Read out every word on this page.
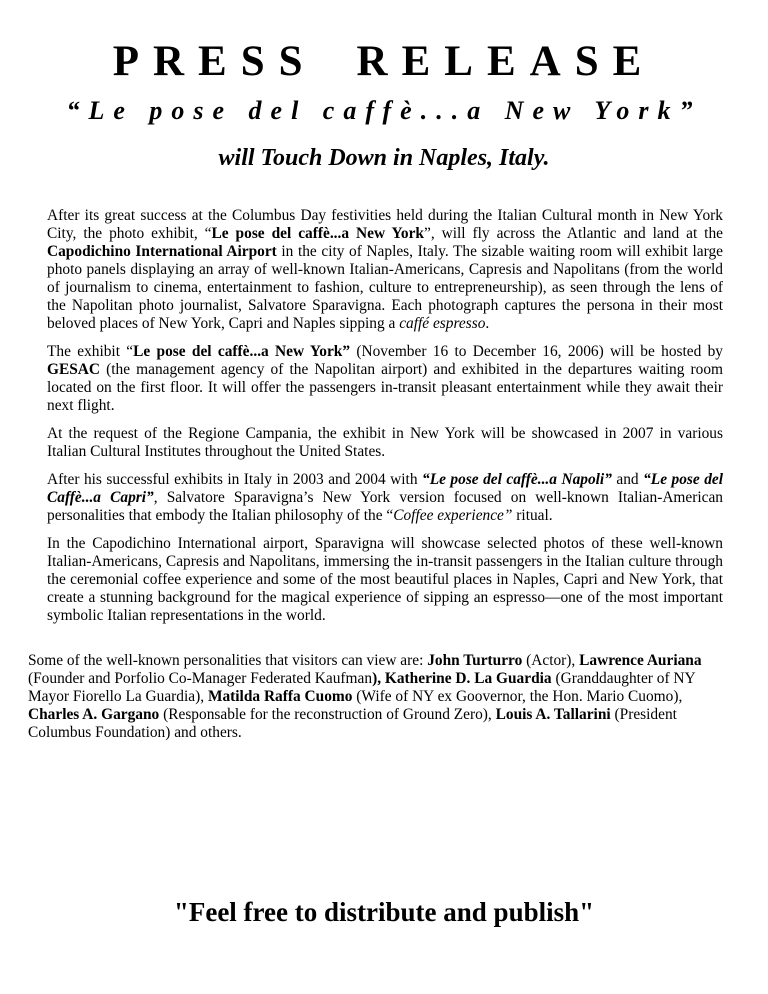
PRESS RELEASE
“Le pose del caffè...a New York”
will Touch Down in Naples, Italy.

After its great success at the Columbus Day festivities held during the Italian Cultural month in New York City, the photo exhibit, “Le pose del caffè...a New York”, will fly across the Atlantic and land at the Capodichino International Airport in the city of Naples, Italy. The sizable waiting room will exhibit large photo panels displaying an array of well-known Italian-Americans, Capresis and Napolitans (from the world of journalism to cinema, entertainment to fashion, culture to entrepreneurship), as seen through the lens of the Napolitan photo journalist, Salvatore Sparavigna. Each photograph captures the persona in their most beloved places of New York, Capri and Naples sipping a caffé espresso.

The exhibit “Le pose del caffè...a New York” (November 16 to December 16, 2006) will be hosted by GESAC (the management agency of the Napolitan airport) and exhibited in the departures waiting room located on the first floor. It will offer the passengers in-transit pleasant entertainment while they await their next flight.

At the request of the Regione Campania, the exhibit in New York will be showcased in 2007 in various Italian Cultural Institutes throughout the United States.

After his successful exhibits in Italy in 2003 and 2004 with “Le pose del caffè...a Napoli” and “Le pose del Caffè...a Capri”, Salvatore Sparavigna’s New York version focused on well-known Italian-American personalities that embody the Italian philosophy of the “Coffee experience” ritual.

In the Capodichino International airport, Sparavigna will showcase selected photos of these well-known Italian-Americans, Capresis and Napolitans, immersing the in-transit passengers in the Italian culture through the ceremonial coffee experience and some of the most beautiful places in Naples, Capri and New York, that create a stunning background for the magical experience of sipping an espresso—one of the most important symbolic Italian representations in the world.

Some of the well-known personalities that visitors can view are: John Turturro (Actor), Lawrence Auriana (Founder and Porfolio Co-Manager Federated Kaufman), Katherine D. La Guardia (Granddaughter of NY Mayor Fiorello La Guardia), Matilda Raffa Cuomo (Wife of NY ex Gooverno‌r, the Hon. Mario Cuomo), Charles A. Gargano (Responsable for the reconstruction of Ground Zero), Louis A. Tallarini (President Columbus Foundation) and others.

"Feel free to distribute and publish"
